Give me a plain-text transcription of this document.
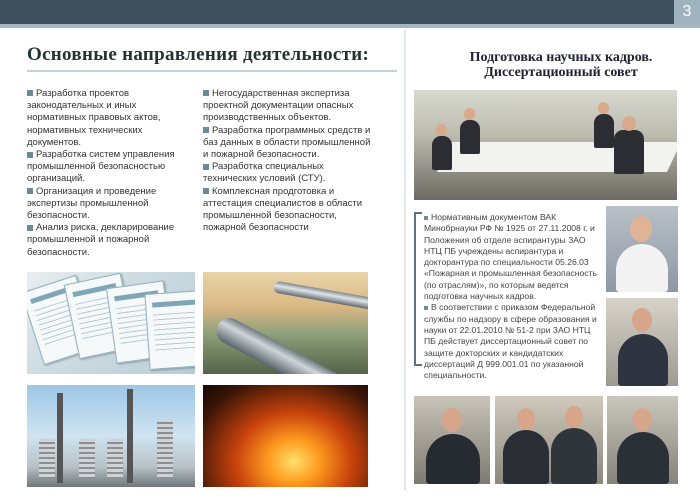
3
Основные направления деятельности:

Разработка проектов законодательных и иных нормативных правовых актов, нормативных технических документов.

Разработка систем управления промышленной безопасностью организаций.

Организация и проведение экспертизы промышленной безопасности.

Анализ риска, декларирование промышленной и пожарной безопасности.

Негосударственная экспертиза проектной документации опасных производственных объектов.

Разработка программных средств и баз данных в области промышленной и пожарной безопасности.

Разработка специальных технических условий (СТУ).

Комплексная продготовка и аттестация специалистов в области промышленной безопасности, пожарной безопасности

Подготовка научных кадров.
Диссертационный совет

Нормативным документом ВАК Минобрнауки РФ № 1925 от 27.11.2008 г. и Положения об отделе аспирантуры ЗАО НТЦ ПБ учреждены аспирантура и докторантура по специальности 05.26.03 «Пожарная и промышленная безопасность (по отраслям)», по которым ведется подготовка научных кадров.

В соответствии с приказом Федеральной службы по надзору в сфере образования и науки от 22.01.2010 № 51-2 при ЗАО НТЦ ПБ действует диссертационный совет по защите докторских и кандидатских диссертаций Д 999.001.01 по указанной специальности.
